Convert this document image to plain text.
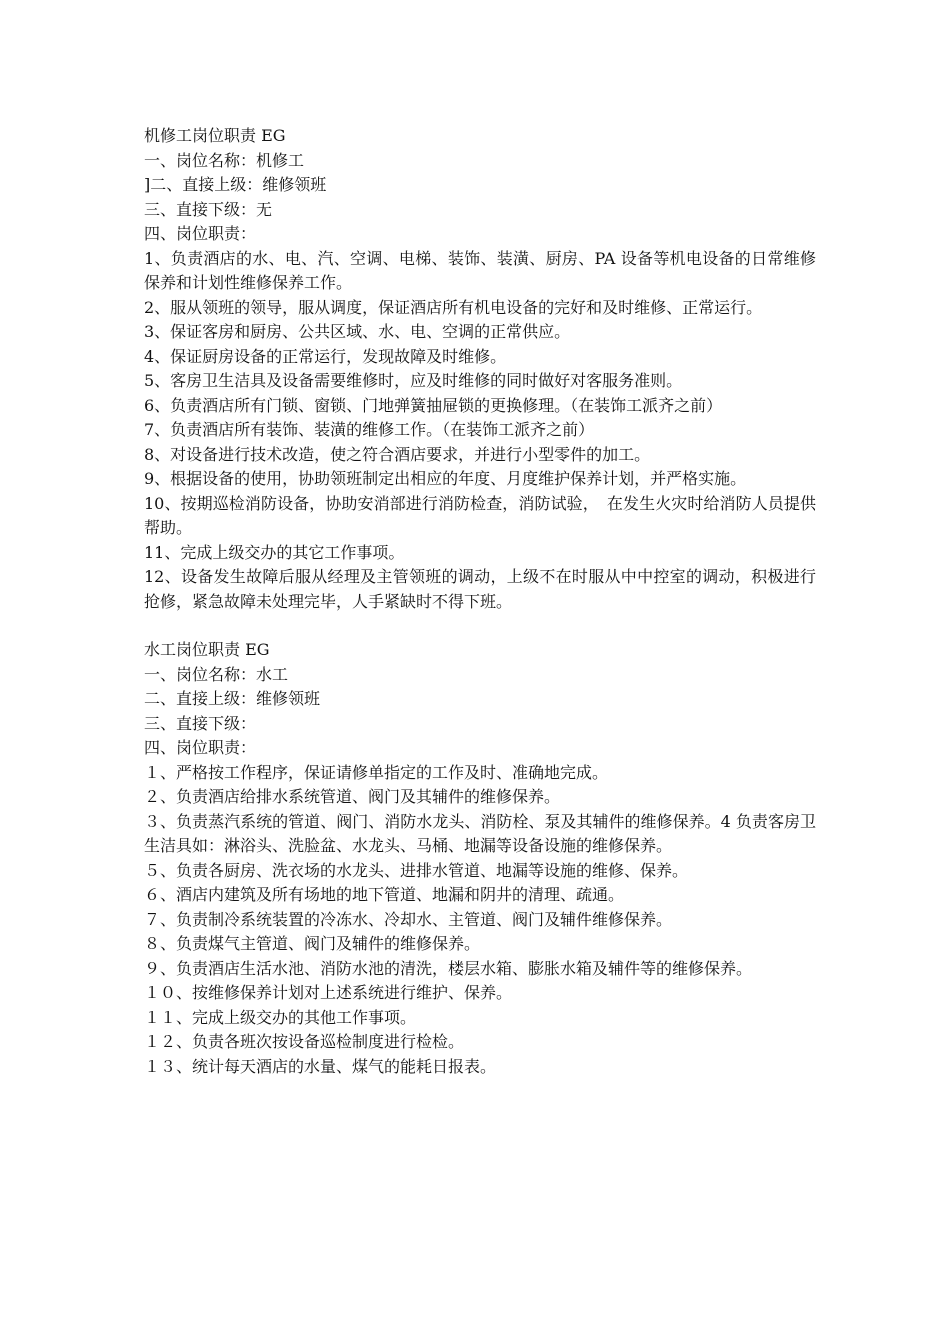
机修工岗位职责 EG
一、岗位名称：机修工
]二、直接上级：维修领班
三、直接下级：无
四、岗位职责：
1、负责酒店的水、电、汽、空调、电梯、装饰、装潢、厨房、PA 设备等机电设备的日常维修保养和计划性维修保养工作。
2、服从领班的领导，服从调度，保证酒店所有机电设备的完好和及时维修、正常运行。
3、保证客房和厨房、公共区域、水、电、空调的正常供应。
4、保证厨房设备的正常运行，发现故障及时维修。
5、客房卫生洁具及设备需要维修时，应及时维修的同时做好对客服务准则。
6、负责酒店所有门锁、窗锁、门地弹簧抽屉锁的更换修理。（在装饰工派齐之前）
7、负责酒店所有装饰、装潢的维修工作。（在装饰工派齐之前）
8、对设备进行技术改造，使之符合酒店要求，并进行小型零件的加工。
9、根据设备的使用，协助领班制定出相应的年度、月度维护保养计划，并严格实施。
10、按期巡检消防设备，协助安消部进行消防检查，消防试验，　在发生火灾时给消防人员提供帮助。
11、完成上级交办的其它工作事项。
12、设备发生故障后服从经理及主管领班的调动，上级不在时服从中中控室的调动，积极进行抢修，紧急故障未处理完毕，人手紧缺时不得下班。
水工岗位职责 EG
一、岗位名称：水工
二、直接上级：维修领班
三、直接下级：
四、岗位职责：
１、严格按工作程序，保证请修单指定的工作及时、准确地完成。
２、负责酒店给排水系统管道、阀门及其辅件的维修保养。
３、负责蒸汽系统的管道、阀门、消防水龙头、消防栓、泵及其辅件的维修保养。4 负责客房卫生洁具如：淋浴头、洗脸盆、水龙头、马桶、地漏等设备设施的维修保养。
５、负责各厨房、洗衣场的水龙头、进排水管道、地漏等设施的维修、保养。
６、酒店内建筑及所有场地的地下管道、地漏和阴井的清理、疏通。
７、负责制冷系统装置的冷冻水、冷却水、主管道、阀门及辅件维修保养。
８、负责煤气主管道、阀门及辅件的维修保养。
９、负责酒店生活水池、消防水池的清洗，楼层水箱、膨胀水箱及辅件等的维修保养。
１０、按维修保养计划对上述系统进行维护、保养。
１１、完成上级交办的其他工作事项。
１２、负责各班次按设备巡检制度进行检检。
１３、统计每天酒店的水量、煤气的能耗日报表。
